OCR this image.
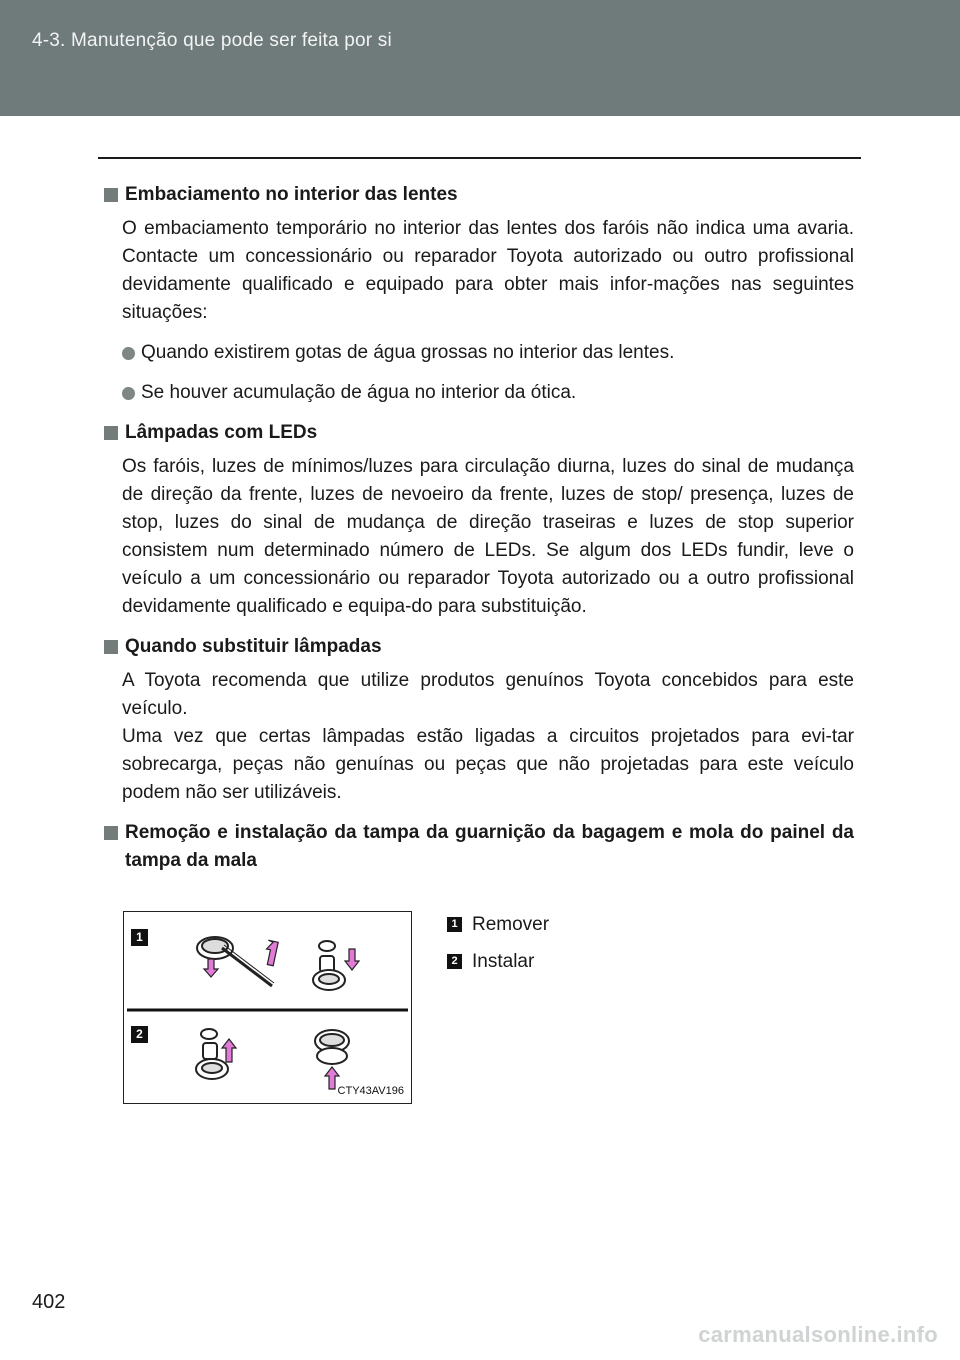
4-3. Manutenção que pode ser feita por si
Embaciamento no interior das lentes

O embaciamento temporário no interior das lentes dos faróis não indica uma avaria. Contacte um concessionário ou reparador Toyota autorizado ou outro profissional devidamente qualificado e equipado para obter mais infor-mações nas seguintes situações:

Quando existirem gotas de água grossas no interior das lentes.
Se houver acumulação de água no interior da ótica.
Lâmpadas com LEDs

Os faróis, luzes de mínimos/luzes para circulação diurna, luzes do sinal de mudança de direção da frente, luzes de nevoeiro da frente, luzes de stop/ presença, luzes de stop, luzes do sinal de mudança de direção traseiras e luzes de stop superior consistem num determinado número de LEDs. Se algum dos LEDs fundir, leve o veículo a um concessionário ou reparador Toyota autorizado ou a outro profissional devidamente qualificado e equipa-do para substituição.

Quando substituir lâmpadas

A Toyota recomenda que utilize produtos genuínos Toyota concebidos para este veículo.

Uma vez que certas lâmpadas estão ligadas a circuitos projetados para evi-tar sobrecarga, peças não genuínas ou peças que não projetadas para este veículo podem não ser utilizáveis.

Remoção e instalação da tampa da guarnição da bagagem e mola do painel da tampa da mala
1
2
CTY43AV196
1 Remover
2 Instalar
402
carmanualsonline.info
